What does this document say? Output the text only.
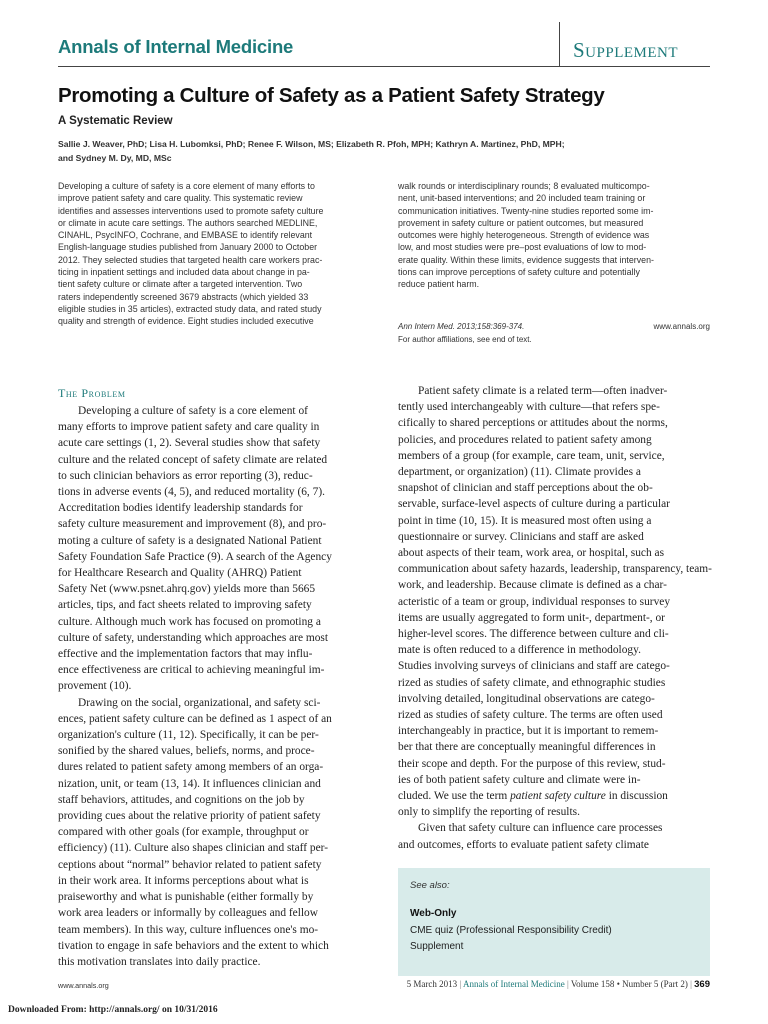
Annals of Internal Medicine	Supplement
Promoting a Culture of Safety as a Patient Safety Strategy
A Systematic Review
Sallie J. Weaver, PhD; Lisa H. Lubomksi, PhD; Renee F. Wilson, MS; Elizabeth R. Pfoh, MPH; Kathryn A. Martinez, PhD, MPH;
and Sydney M. Dy, MD, MSc
Developing a culture of safety is a core element of many efforts to
improve patient safety and care quality. This systematic review
identifies and assesses interventions used to promote safety culture
or climate in acute care settings. The authors searched MEDLINE,
CINAHL, PsycINFO, Cochrane, and EMBASE to identify relevant
English-language studies published from January 2000 to October
2012. They selected studies that targeted health care workers prac-
ticing in inpatient settings and included data about change in pa-
tient safety culture or climate after a targeted intervention. Two
raters independently screened 3679 abstracts (which yielded 33
eligible studies in 35 articles), extracted study data, and rated study
quality and strength of evidence. Eight studies included executive
walk rounds or interdisciplinary rounds; 8 evaluated multicompo-
nent, unit-based interventions; and 20 included team training or
communication initiatives. Twenty-nine studies reported some im-
provement in safety culture or patient outcomes, but measured
outcomes were highly heterogeneous. Strength of evidence was
low, and most studies were pre–post evaluations of low to mod-
erate quality. Within these limits, evidence suggests that interven-
tions can improve perceptions of safety culture and potentially
reduce patient harm.
Ann Intern Med. 2013;158:369-374.	www.annals.org
For author affiliations, see end of text.
The Problem
Developing a culture of safety is a core element of
many efforts to improve patient safety and care quality in
acute care settings (1, 2). Several studies show that safety
culture and the related concept of safety climate are related
to such clinician behaviors as error reporting (3), reduc-
tions in adverse events (4, 5), and reduced mortality (6, 7).
Accreditation bodies identify leadership standards for
safety culture measurement and improvement (8), and pro-
moting a culture of safety is a designated National Patient
Safety Foundation Safe Practice (9). A search of the Agency
for Healthcare Research and Quality (AHRQ) Patient
Safety Net (www.psnet.ahrq.gov) yields more than 5665
articles, tips, and fact sheets related to improving safety
culture. Although much work has focused on promoting a
culture of safety, understanding which approaches are most
effective and the implementation factors that may influ-
ence effectiveness are critical to achieving meaningful im-
provement (10).
Drawing on the social, organizational, and safety sci-
ences, patient safety culture can be defined as 1 aspect of an
organization's culture (11, 12). Specifically, it can be per-
sonified by the shared values, beliefs, norms, and proce-
dures related to patient safety among members of an orga-
nization, unit, or team (13, 14). It influences clinician and
staff behaviors, attitudes, and cognitions on the job by
providing cues about the relative priority of patient safety
compared with other goals (for example, throughput or
efficiency) (11). Culture also shapes clinician and staff per-
ceptions about “normal” behavior related to patient safety
in their work area. It informs perceptions about what is
praiseworthy and what is punishable (either formally by
work area leaders or informally by colleagues and fellow
team members). In this way, culture influences one's mo-
tivation to engage in safe behaviors and the extent to which
this motivation translates into daily practice.
Patient safety climate is a related term—often inadver-
tently used interchangeably with culture—that refers spe-
cifically to shared perceptions or attitudes about the norms,
policies, and procedures related to patient safety among
members of a group (for example, care team, unit, service,
department, or organization) (11). Climate provides a
snapshot of clinician and staff perceptions about the ob-
servable, surface-level aspects of culture during a particular
point in time (10, 15). It is measured most often using a
questionnaire or survey. Clinicians and staff are asked
about aspects of their team, work area, or hospital, such as
communication about safety hazards, leadership, transparency, team-
work, and leadership. Because climate is defined as a char-
acteristic of a team or group, individual responses to survey
items are usually aggregated to form unit-, department-, or
higher-level scores. The difference between culture and cli-
mate is often reduced to a difference in methodology.
Studies involving surveys of clinicians and staff are catego-
rized as studies of safety climate, and ethnographic studies
involving detailed, longitudinal observations are catego-
rized as studies of safety culture. The terms are often used
interchangeably in practice, but it is important to remem-
ber that there are conceptually meaningful differences in
their scope and depth. For the purpose of this review, stud-
ies of both patient safety culture and climate were in-
cluded. We use the term patient safety culture in discussion
only to simplify the reporting of results.
Given that safety culture can influence care processes
and outcomes, efforts to evaluate patient safety climate
See also:
Web-Only
CME quiz (Professional Responsibility Credit)
Supplement
www.annals.org	5 March 2013 | Annals of Internal Medicine | Volume 158 • Number 5 (Part 2) | 369
Downloaded From: http://annals.org/ on 10/31/2016
